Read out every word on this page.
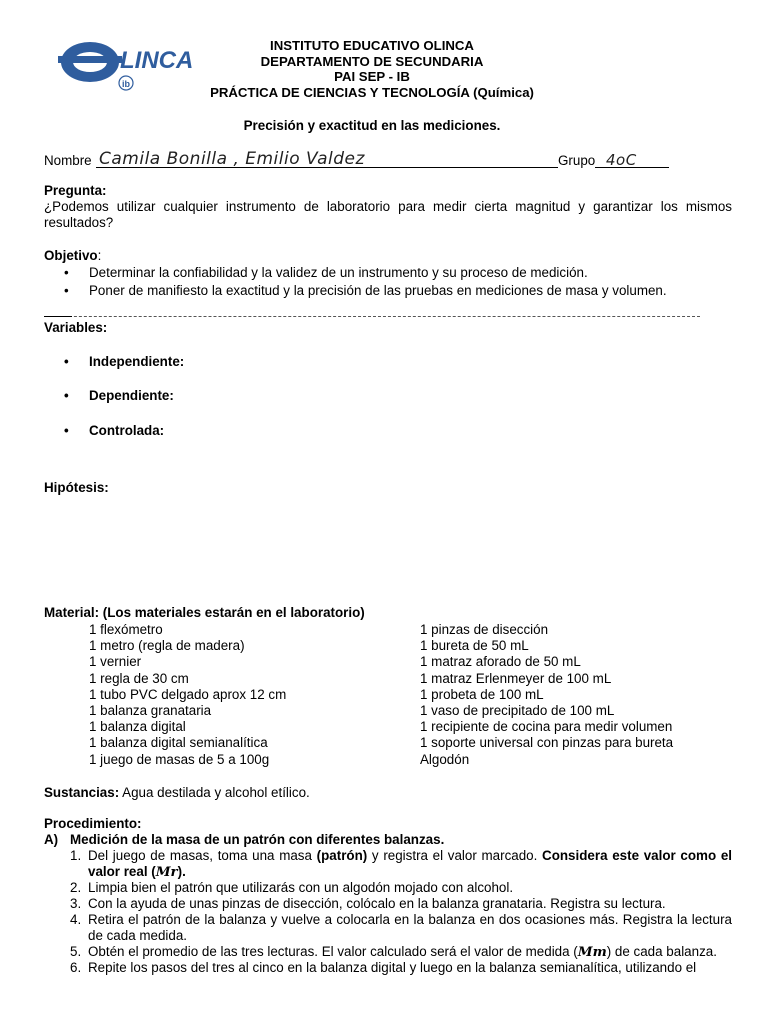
LINCA
ib
INSTITUTO EDUCATIVO OLINCA
DEPARTAMENTO DE SECUNDARIA
PAI SEP - IB
PRÁCTICA DE CIENCIAS Y TECNOLOGÍA (Química)
Precisión y exactitud en las mediciones.
Nombre Camila Bonilla , Emilio Valdez	Grupo 4oC
Pregunta:
¿Podemos utilizar cualquier instrumento de laboratorio para medir cierta magnitud y garantizar los mismos resultados?
Objetivo:
• Determinar la confiabilidad y la validez de un instrumento y su proceso de medición.
• Poner de manifiesto la exactitud y la precisión de las pruebas en mediciones de masa y volumen.
Variables:
• Independiente:
• Dependiente:
• Controlada:
Hipótesis:
Material: (Los materiales estarán en el laboratorio)
1 flexómetro
1 metro (regla de madera)
1 vernier
1 regla de 30 cm
1 tubo PVC delgado aprox 12 cm
1 balanza granataria
1 balanza digital
1 balanza digital semianalítica
1 juego de masas de 5 a 100g
1 pinzas de disección
1 bureta de 50 mL
1 matraz aforado de 50 mL
1 matraz Erlenmeyer de 100 mL
1 probeta de 100 mL
1 vaso de precipitado de 100 mL
1 recipiente de cocina para medir volumen
1 soporte universal con pinzas para bureta
Algodón
Sustancias: Agua destilada y alcohol etílico.
Procedimiento:
A) Medición de la masa de un patrón con diferentes balanzas.
1. Del juego de masas, toma una masa (patrón) y registra el valor marcado. Considera este valor como el valor real (Mr).
2. Limpia bien el patrón que utilizarás con un algodón mojado con alcohol.
3. Con la ayuda de unas pinzas de disección, colócalo en la balanza granataria. Registra su lectura.
4. Retira el patrón de la balanza y vuelve a colocarla en la balanza en dos ocasiones más. Registra la lectura de cada medida.
5. Obtén el promedio de las tres lecturas. El valor calculado será el valor de medida (Mm) de cada balanza.
6. Repite los pasos del tres al cinco en la balanza digital y luego en la balanza semianalítica, utilizando el
